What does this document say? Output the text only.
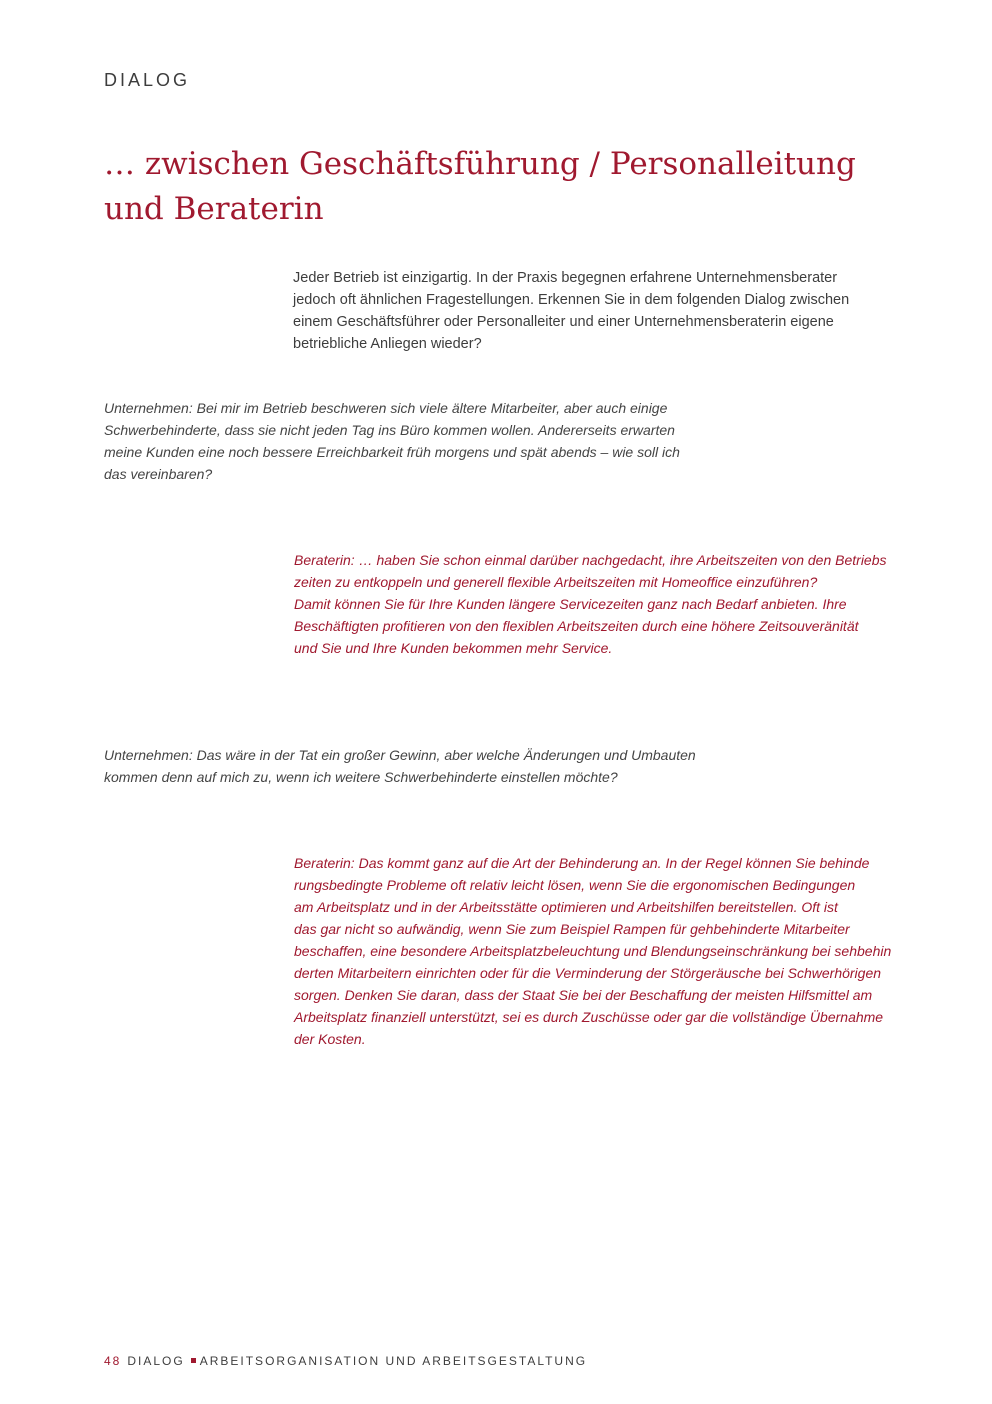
DIALOG
… zwischen Geschäftsführung / Personalleitung
und Beraterin
Jeder Betrieb ist einzigartig. In der Praxis begegnen erfahrene Unternehmensberater
jedoch oft ähnlichen Fragestellungen. Erkennen Sie in dem folgenden Dialog zwischen
einem Geschäftsführer oder Personalleiter und einer Unternehmensberaterin eigene
betriebliche Anliegen wieder?
Unternehmen: Bei mir im Betrieb beschweren sich viele ältere Mitarbeiter, aber auch einige
Schwerbehinderte, dass sie nicht jeden Tag ins Büro kommen wollen. Andererseits erwarten
meine Kunden eine noch bessere Erreichbarkeit früh morgens und spät abends – wie soll ich
das vereinbaren?
Beraterin: … haben Sie schon einmal darüber nachgedacht, ihre Arbeitszeiten von den Betriebs
zeiten zu entkoppeln und generell flexible Arbeitszeiten mit Homeoffice einzuführen?
Damit können Sie für Ihre Kunden längere Servicezeiten ganz nach Bedarf anbieten. Ihre
Beschäftigten profitieren von den flexiblen Arbeitszeiten durch eine höhere Zeitsouveränität
und Sie und Ihre Kunden bekommen mehr Service.
Unternehmen: Das wäre in der Tat ein großer Gewinn, aber welche Änderungen und Umbauten
kommen denn auf mich zu, wenn ich weitere Schwerbehinderte einstellen möchte?
Beraterin: Das kommt ganz auf die Art der Behinderung an. In der Regel können Sie behinde
rungsbedingte Probleme oft relativ leicht lösen, wenn Sie die ergonomischen Bedingungen
am Arbeitsplatz und in der Arbeitsstätte optimieren und Arbeitshilfen bereitstellen. Oft ist
das gar nicht so aufwändig, wenn Sie zum Beispiel Rampen für gehbehinderte Mitarbeiter
beschaffen, eine besondere Arbeitsplatzbeleuchtung und Blendungseinschränkung bei sehbehin
derten Mitarbeitern einrichten oder für die Verminderung der Störgeräusche bei Schwerhörigen
sorgen. Denken Sie daran, dass der Staat Sie bei der Beschaffung der meisten Hilfsmittel am
Arbeitsplatz finanziell unterstützt, sei es durch Zuschüsse oder gar die vollständige Übernahme
der Kosten.
48 DIALOG ARBEITSORGANISATION UND ARBEITSGESTALTUNG
